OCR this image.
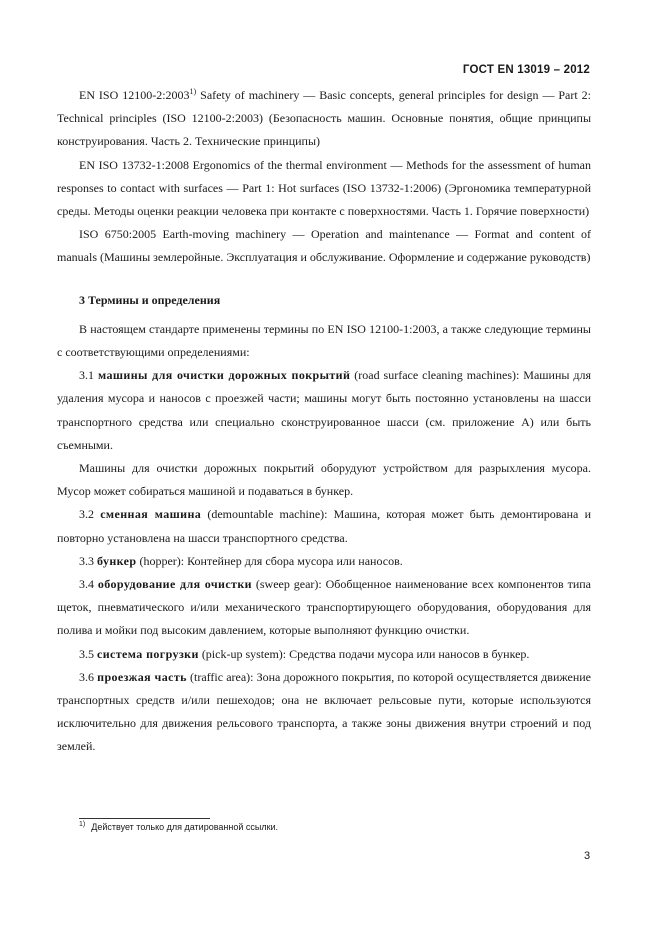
ГОСТ EN 13019 – 2012

EN ISO 12100-2:2003$^{1)}$ Safety of machinery — Basic concepts, general principles for design — Part 2: Technical principles (ISO 12100-2:2003) (Безопасность машин. Основные понятия, общие принципы конструирования. Часть 2. Технические принципы)

EN ISO 13732-1:2008 Ergonomics of the thermal environment — Methods for the assessment of human responses to contact with surfaces — Part 1: Hot surfaces (ISO 13732-1:2006) (Эргономика температурной среды. Методы оценки реакции человека при контакте с поверхностями. Часть 1. Горячие поверхности)

ISO 6750:2005 Earth-moving machinery — Operation and maintenance — Format and content of manuals (Машины землеройные. Эксплуатация и обслуживание. Оформление и содержание руководств)

3 Термины и определения

В настоящем стандарте применены термины по EN ISO 12100-1:2003, а также следующие термины с соответствующими определениями:

3.1 машины для очистки дорожных покрытий (road surface cleaning machines): Машины для удаления мусора и наносов с проезжей части; машины могут быть постоянно установлены на шасси транспортного средства или специально сконструированное шасси (см. приложение А) или быть съемными.

Машины для очистки дорожных покрытий оборудуют устройством для разрыхления мусора. Мусор может собираться машиной и подаваться в бункер.

3.2 сменная машина (demountable machine): Машина, которая может быть демонтирована и повторно установлена на шасси транспортного средства.

3.3 бункер (hopper): Контейнер для сбора мусора или наносов.

3.4 оборудование для очистки (sweep gear): Обобщенное наименование всех компонентов типа щеток, пневматического и/или механического транспортирующего оборудования, оборудования для полива и мойки под высоким давлением, которые выполняют функцию очистки.

3.5 система погрузки (pick-up system): Средства подачи мусора или наносов в бункер.

3.6 проезжая часть (traffic area): Зона дорожного покрытия, по которой осуществляется движение транспортных средств и/или пешеходов; она не включает рельсовые пути, которые используются исключительно для движения рельсового транспорта, а также зоны движения внутри строений и под землей.

$^{1)}$ Действует только для датированной ссылки.
3
